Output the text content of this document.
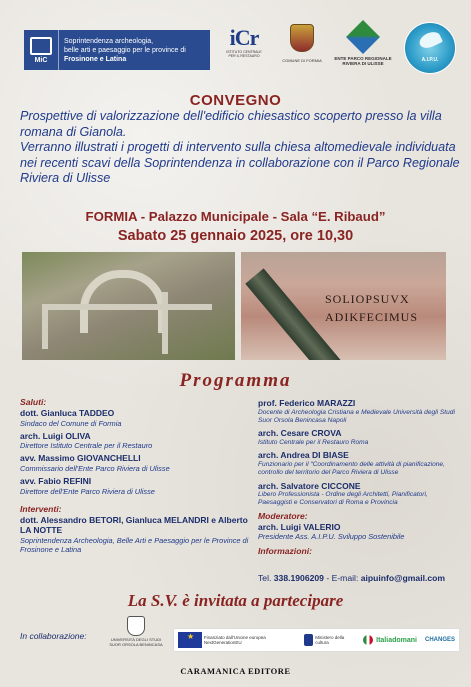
MiC
Soprintendenza archeologia,
belle arti e paesaggio per le province di
Frosinone e Latina
iCr
ISTITUTO CENTRALE PER IL RESTAURO
COMUNE DI FORMIA	ENTE PARCO REGIONALE
RIVIERA DI ULISSE
A.I.P.U.
CONVEGNO

Prospettive di valorizzazione dell'edificio chiesastico scoperto presso la villa romana di Gianola.

Verranno illustrati i progetti di intervento sulla chiesa altomedievale individuata nei recenti scavi della Soprintendenza in collaborazione con il Parco Regionale Riviera di Ulisse

FORMIA - Palazzo Municipale - Sala “E. Ribaud”
Sabato 25 gennaio 2025, ore 10,30
SOLIOPSUVX
ADIKFECIMUS
Programma
Saluti:
dott. Gianluca TADDEO
Sindaco del Comune di Formia
arch. Luigi OLIVA
Direttore Istituto Centrale per il Restauro
avv. Massimo GIOVANCHELLI
Commissario dell'Ente Parco Riviera di Ulisse
avv. Fabio REFINI
Direttore dell'Ente Parco Riviera di Ulisse
Interventi:
dott. Alessandro BETORI, Gianluca MELANDRI e Alberto LA NOTTE
Soprintendenza Archeologia, Belle Arti e Paesaggio per le Province di Frosinone e Latina
prof. Federico MARAZZI
Docente di Archeologia Cristiana e Medievale Università degli Studi Suor Orsola Benincasa Napoli
arch. Cesare CROVA
Istituto Centrale per il Restauro Roma
arch. Andrea DI BIASE
Funzionario per il “Coordinamento delle attività di pianificazione, controllo del territorio del Parco Riviera di Ulisse
arch. Salvatore CICCONE
Libero Professionista - Ordine degli Architetti, Pianificatori, Paesaggisti e Conservatori di Roma e Provincia
Moderatore:
arch. Luigi VALERIO
Presidente Ass. A.I.P.U. Sviluppo Sostenibile
Informazioni:
Tel. 338.1906209 - E-mail: aipuinfo@gmail.com
La S.V. è invitata a partecipare
In collaborazione:	UNIVERSITÀ DEGLI STUDI SUOR ORSOLA BENINCASA
★
Finanziato dall'Unione europea NextGenerationEU
Ministero della cultura	Italiadomani CHANGES
CARAMANICA EDITORE
